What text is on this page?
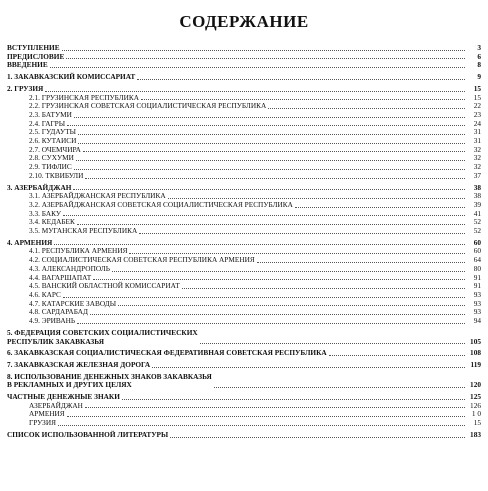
СОДЕРЖАНИЕ
ВСТУПЛЕНИЕ	3
ПРЕДИСЛОВИЕ	6
ВВЕДЕНИЕ	8
1. ЗАКАВКАЗСКИЙ КОМИССАРИАТ	9
2. ГРУЗИЯ	15
2.1. ГРУЗИНСКАЯ РЕСПУБЛИКА	15
2.2. ГРУЗИНСКАЯ СОВЕТСКАЯ СОЦИАЛИСТИЧЕСКАЯ РЕСПУБЛИКА	22
2.3. БАТУМИ	23
2.4. ГАГРЫ	24
2.5. ГУДАУТЫ	31
2.6. КУТАИСИ	31
2.7. ОЧЕМЧИРА	32
2.8. СУХУМИ	32
2.9. ТИФЛИС	32
2.10. ТКВИБУЛИ	37
3. АЗЕРБАЙДЖАН	38
3.1. АЗЕРБАЙДЖАНСКАЯ РЕСПУБЛИКА	38
3.2. АЗЕРБАЙДЖАНСКАЯ СОВЕТСКАЯ СОЦИАЛИСТИЧЕСКАЯ РЕСПУБЛИКА	39
3.3. БАКУ	41
3.4. КЕДАБЕК	52
3.5. МУГАНСКАЯ РЕСПУБЛИКА	52
4. АРМЕНИЯ	60
4.1. РЕСПУБЛИКА АРМЕНИЯ	60
4.2. СОЦИАЛИСТИЧЕСКАЯ СОВЕТСКАЯ РЕСПУБЛИКА АРМЕНИЯ	64
4.3. АЛЕКСАНДРОПОЛЬ	80
4.4. ВАГАРШАПАТ	91
4.5. ВАНСКИЙ ОБЛАСТНОЙ КОМИССАРИАТ	91
4.6. КАРС	93
4.7. КАТАРСКИЕ ЗАВОДЫ	93
4.8. САРДАРАБАД	93
4.9. ЭРИВАНЬ	94
5. ФЕДЕРАЦИЯ СОВЕТСКИХ СОЦИАЛИСТИЧЕСКИХ
РЕСПУБЛИК ЗАКАВКАЗЬЯ	105
6. ЗАКАВКАЗСКАЯ СОЦИАЛИСТИЧЕСКАЯ ФЕДЕРАТИВНАЯ СОВЕТСКАЯ РЕСПУБЛИКА	108
7. ЗАКАВКАЗСКАЯ ЖЕЛЕЗНАЯ ДОРОГА	119
8. ИСПОЛЬЗОВАНИЕ ДЕНЕЖНЫХ ЗНАКОВ ЗАКАВКАЗЬЯ
В РЕКЛАМНЫХ И ДРУГИХ ЦЕЛЯХ	120
ЧАСТНЫЕ ДЕНЕЖНЫЕ ЗНАКИ	125
АЗЕРБАЙДЖАН	126
АРМЕНИЯ	1 0
ГРУЗИЯ	15
СПИСОК ИСПОЛЬЗОВАННОЙ ЛИТЕРАТУРЫ	183
